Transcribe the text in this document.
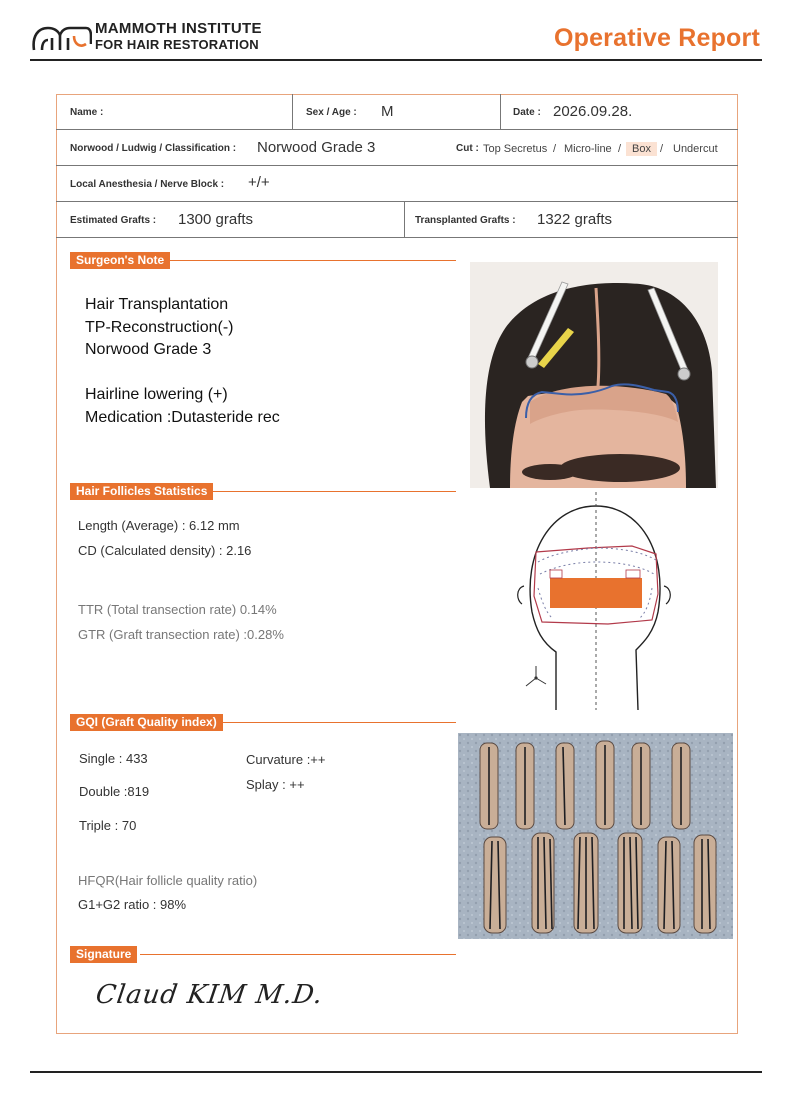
MAMMOTH INSTITUTE
FOR HAIR RESTORATION	Operative Report
Name :	Sex / Age : M	Date : 2026.09.28.
Norwood / Ludwig / Classification : Norwood Grade 3	Cut : Top Secretus / Micro-line / Box / Undercut
Local Anesthesia / Nerve Block : +/+
Estimated Grafts : 1300 grafts	Transplanted Grafts : 1322 grafts
Surgeon's Note
Hair Transplantation
TP-Reconstruction(-)
Norwood Grade 3
Hairline lowering (+)
Medication :Dutasteride rec
Hair Follicles Statistics
Length (Average) : 6.12 mm
CD (Calculated density) : 2.16
TTR (Total transection rate) 0.14%
GTR (Graft transection rate) :0.28%
GQI (Graft Quality index)
Single : 433
Double :819
Triple : 70
Curvature :++
Splay : ++
HFQR(Hair follicle quality ratio)
G1+G2 ratio : 98%
Signature
Claud KIM M.D.
